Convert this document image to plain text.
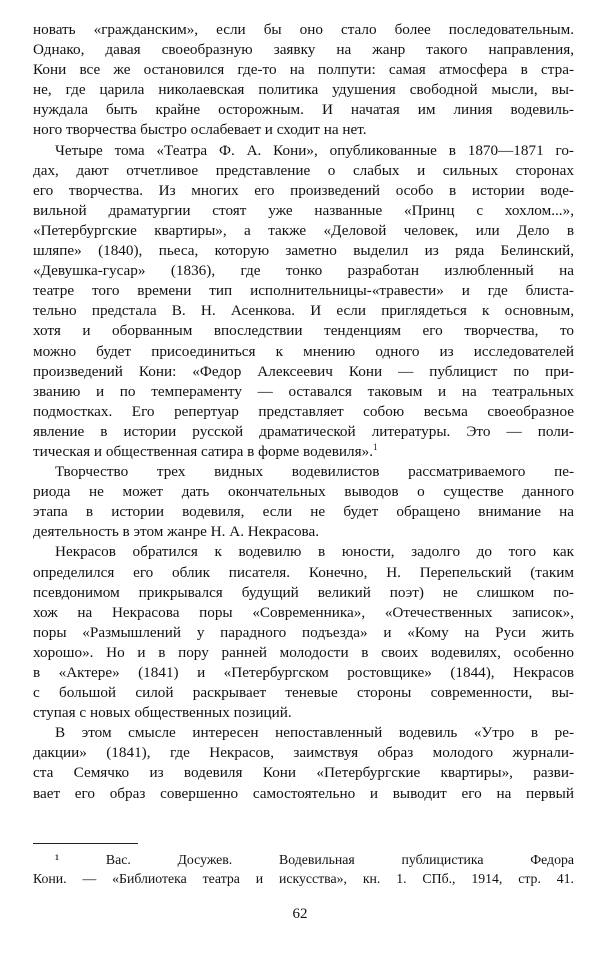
новать «гражданским», если бы оно стало более последовательным.
Однако, давая своеобразную заявку на жанр такого направления,
Кони все же остановился где-то на полпути: самая атмосфера в стра-
не, где царила николаевская политика удушения свободной мысли, вы-
нуждала быть крайне осторожным. И начатая им линия водевиль-
ного творчества быстро ослабевает и сходит на нет.
Четыре тома «Театра Ф. А. Кони», опубликованные в 1870—1871 го-
дах, дают отчетливое представление о слабых и сильных сторонах
его творчества. Из многих его произведений особо в истории водe-
вильной драматургии стоят уже названные «Принц с хохлом...»,
«Петербургские квартиры», а также «Деловой человек, или Дело в
шляпе» (1840), пьеса, которую заметно выделил из ряда Белинский,
«Девушка-гусар» (1836), где тонко разработан излюбленный на
театре того времени тип исполнительницы-«травести» и где блиста-
тельно предстала В. Н. Асенкова. И если приглядеться к основным,
хотя и оборванным впоследствии тенденциям его творчества, то
можно будет присоединиться к мнению одного из исследователей
произведений Кони: «Федор Алексеевич Кони — публицист по при-
званию и по темпераменту — оставался таковым и на театральных
подмостках. Его репертуар представляет собою весьма своеобразное
явление в истории русской драматической литературы. Это — поли-
тическая и общественная сатира в форме водевиля».$^1$
Творчество трех видных водевилистов рассматриваемого пе-
риода не может дать окончательных выводов о существе данного
этапа в истории водевиля, если не будет обращено внимание на
деятельность в этом жанре Н. А. Некрасова.
Некрасов обратился к водевилю в юности, задолго до того как
определился его облик писателя. Конечно, Н. Перепельский (таким
псевдонимом прикрывался будущий великий поэт) не слишком по-
хож на Некрасова поры «Современника», «Отечественных записок»,
поры «Размышлений у парадного подъезда» и «Кому на Руси жить
хорошо». Но и в пору ранней молодости в своих водевилях, особенно
в «Актере» (1841) и «Петербургском ростовщике» (1844), Некрасов
с большой силой раскрывает теневые стороны современности, вы-
ступая с новых общественных позиций.
В этом смысле интересен непоставленный водевиль «Утро в ре-
дакции» (1841), где Некрасов, заимствуя образ молодого журнали-
ста Семячко из водевиля Кони «Петербургские квартиры», разви-
вает его образ совершенно самостоятельно и выводит его на первый
¹ Вас. Досужев. Водевильная публицистика Федора
Кони. — «Библиотека театра и искусства», кн. 1. СПб., 1914, стр. 41.
62
